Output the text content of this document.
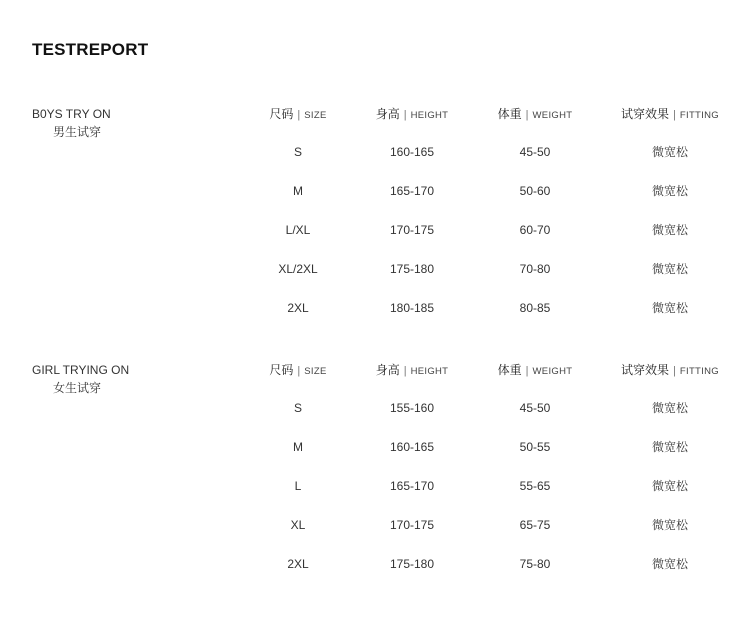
TESTREPORT
B0YS TRY ON
男生试穿
尺码 | SIZE	身高 | HEIGHT	体重 | WEIGHT	试穿效果 | FITTING
S	160-165	45-50	微宽松
M	165-170	50-60	微宽松
L/XL	170-175	60-70	微宽松
XL/2XL	175-180	70-80	微宽松
2XL	180-185	80-85	微宽松
GIRL TRYING ON
女生试穿
尺码 | SIZE	身高 | HEIGHT	体重 | WEIGHT	试穿效果 | FITTING
S	155-160	45-50	微宽松
M	160-165	50-55	微宽松
L	165-170	55-65	微宽松
XL	170-175	65-75	微宽松
2XL	175-180	75-80	微宽松
